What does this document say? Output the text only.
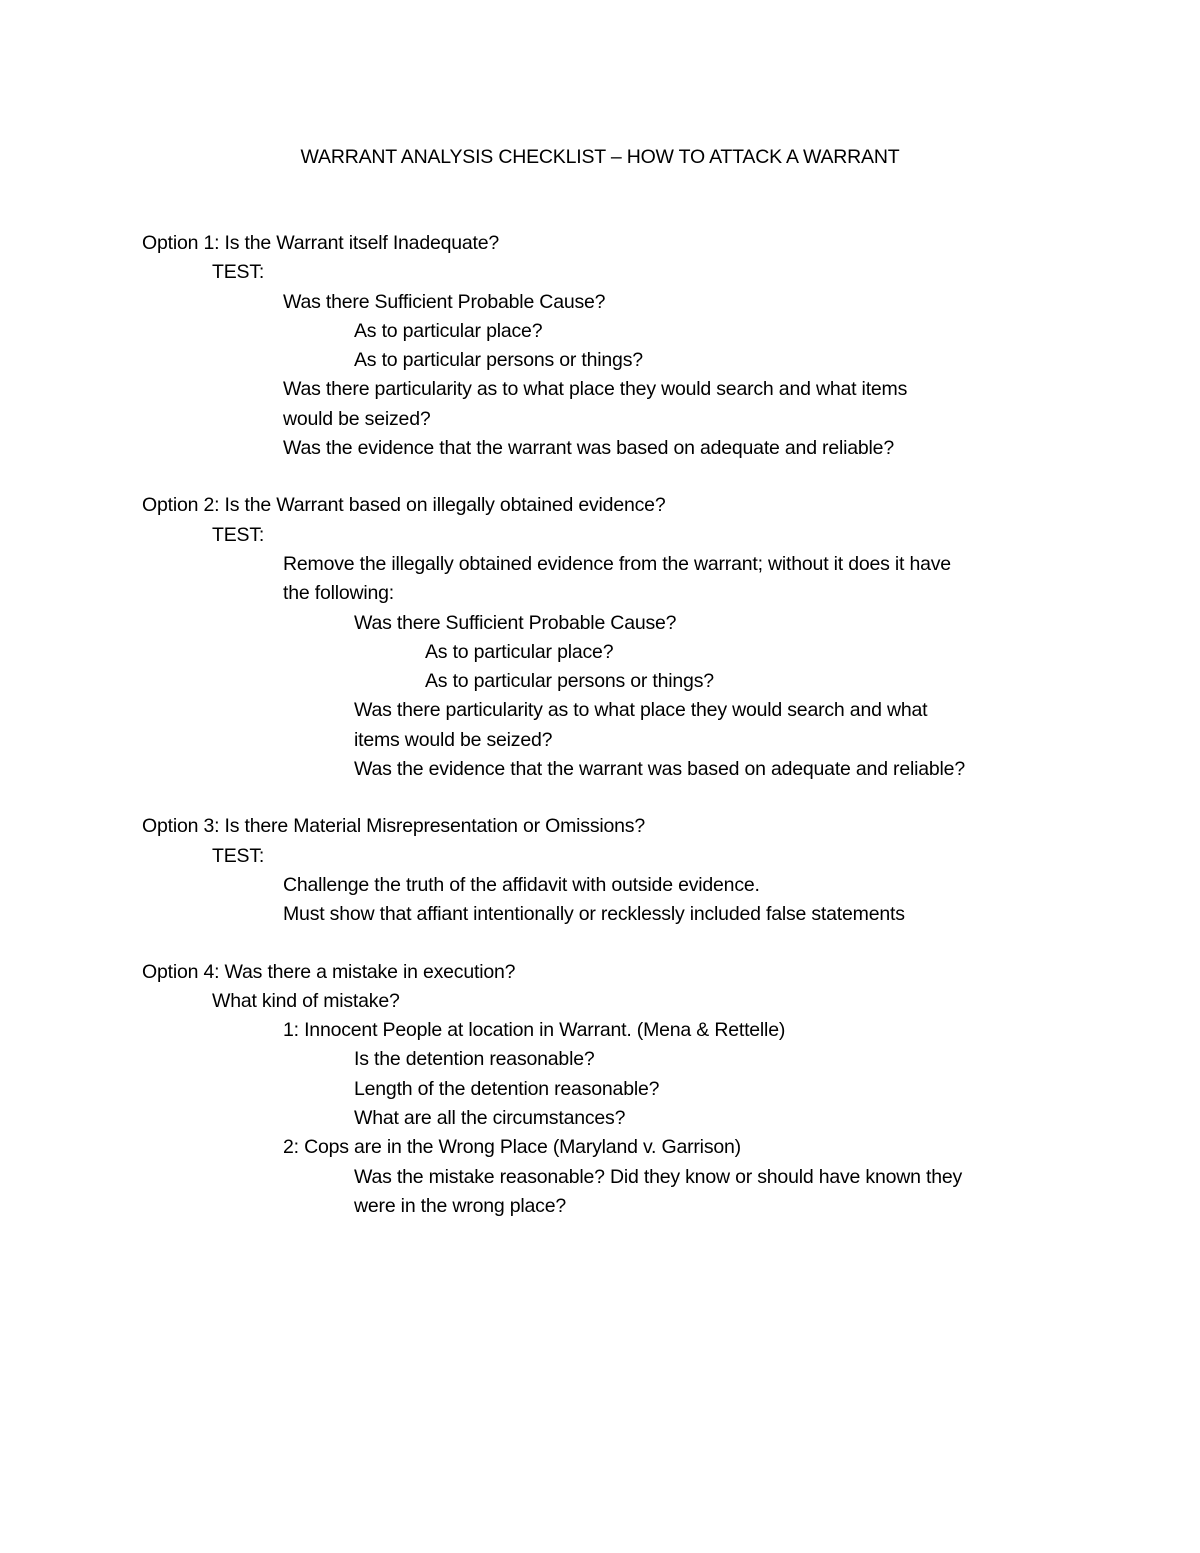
WARRANT ANALYSIS CHECKLIST – HOW TO ATTACK A WARRANT
Option 1: Is the Warrant itself Inadequate?
TEST:
Was there Sufficient Probable Cause?
As to particular place?
As to particular persons or things?
Was there particularity as to what place they would search and what items
would be seized?
Was the evidence that the warrant was based on adequate and reliable?
Option 2: Is the Warrant based on illegally obtained evidence?
TEST:
Remove the illegally obtained evidence from the warrant; without it does it have
the following:
Was there Sufficient Probable Cause?
As to particular place?
As to particular persons or things?
Was there particularity as to what place they would search and what
items would be seized?
Was the evidence that the warrant was based on adequate and reliable?
Option 3: Is there Material Misrepresentation or Omissions?
TEST:
Challenge the truth of the affidavit with outside evidence.
Must show that affiant intentionally or recklessly included false statements
Option 4: Was there a mistake in execution?
What kind of mistake?
1: Innocent People at location in Warrant. (Mena & Rettelle)
Is the detention reasonable?
Length of the detention reasonable?
What are all the circumstances?
2: Cops are in the Wrong Place (Maryland v. Garrison)
Was the mistake reasonable? Did they know or should have known they
were in the wrong place?
